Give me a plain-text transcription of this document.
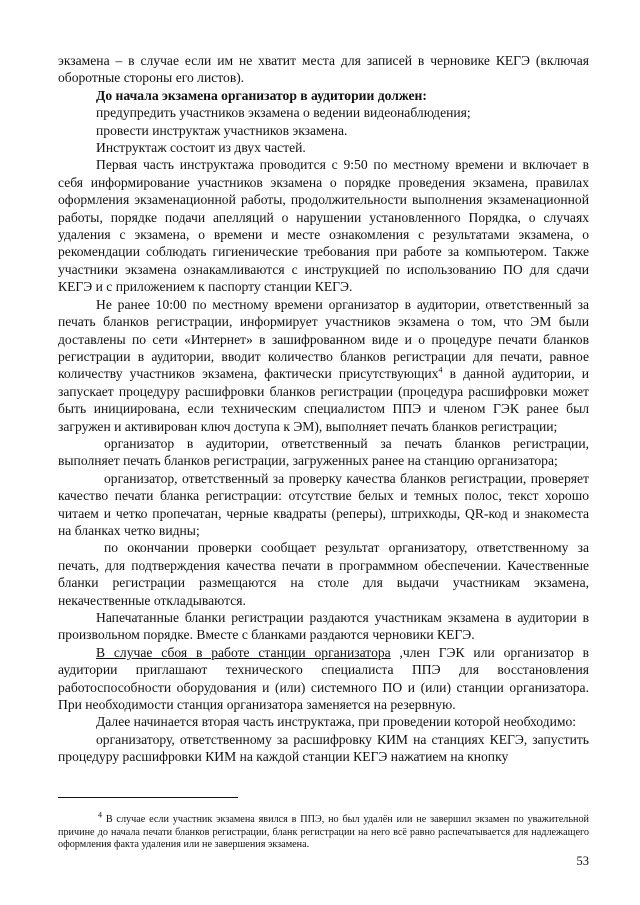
экзамена – в случае если им не хватит места для записей в черновике КЕГЭ (включая оборотные стороны его листов).

До начала экзамена организатор в аудитории должен:

предупредить участников экзамена о ведении видеонаблюдения;

провести инструктаж участников экзамена.

Инструктаж состоит из двух частей.

Первая часть инструктажа проводится с 9:50 по местному времени и включает в себя информирование участников экзамена о порядке проведения экзамена, правилах оформления экзаменационной работы, продолжительности выполнения экзаменационной работы, порядке подачи апелляций о нарушении установленного Порядка, о случаях удаления с экзамена, о времени и месте ознакомления с результатами экзамена, о рекомендации соблюдать гигиенические требования при работе за компьютером. Также участники экзамена ознакамливаются с инструкцией по использованию ПО для сдачи КЕГЭ и с приложением к паспорту станции КЕГЭ.

Не ранее 10:00 по местному времени организатор в аудитории, ответственный за печать бланков регистрации, информирует участников экзамена о том, что ЭМ были доставлены по сети «Интернет» в зашифрованном виде и о процедуре печати бланков регистрации в аудитории, вводит количество бланков регистрации для печати, равное количеству участников экзамена, фактически присутствующих$^4$ в данной аудитории, и запускает процедуру расшифровки бланков регистрации (процедура расшифровки может быть инициирована, если техническим специалистом ППЭ и членом ГЭК ранее был загружен и активирован ключ доступа к ЭМ), выполняет печать бланков регистрации;

организатор в аудитории, ответственный за печать бланков регистрации, выполняет печать бланков регистрации, загруженных ранее на станцию организатора;

организатор, ответственный за проверку качества бланков регистрации, проверяет качество печати бланка регистрации: отсутствие белых и темных полос, текст хорошо читаем и четко пропечатан, черные квадраты (реперы), штрихкоды, QR-код и знакоместа на бланках четко видны;

по окончании проверки сообщает результат организатору, ответственному за печать, для подтверждения качества печати в программном обеспечении. Качественные бланки регистрации размещаются на столе для выдачи участникам экзамена, некачественные откладываются.

Напечатанные бланки регистрации раздаются участникам экзамена в аудитории в произвольном порядке. Вместе с бланками раздаются черновики КЕГЭ.

В случае сбоя в работе станции организатора ,член ГЭК или организатор в аудитории приглашают технического специалиста ППЭ для восстановления работоспособности оборудования и (или) системного ПО и (или) станции организатора. При необходимости станция организатора заменяется на резервную.

Далее начинается вторая часть инструктажа, при проведении которой необходимо:

организатору, ответственному за расшифровку КИМ на станциях КЕГЭ, запустить процедуру расшифровки КИМ на каждой станции КЕГЭ нажатием на кнопку

$^4$ В случае если участник экзамена явился в ППЭ, но был удалён или не завершил экзамен по уважительной причине до начала печати бланков регистрации, бланк регистрации на него всё равно распечатывается для надлежащего оформления факта удаления или не завершения экзамена.

53
